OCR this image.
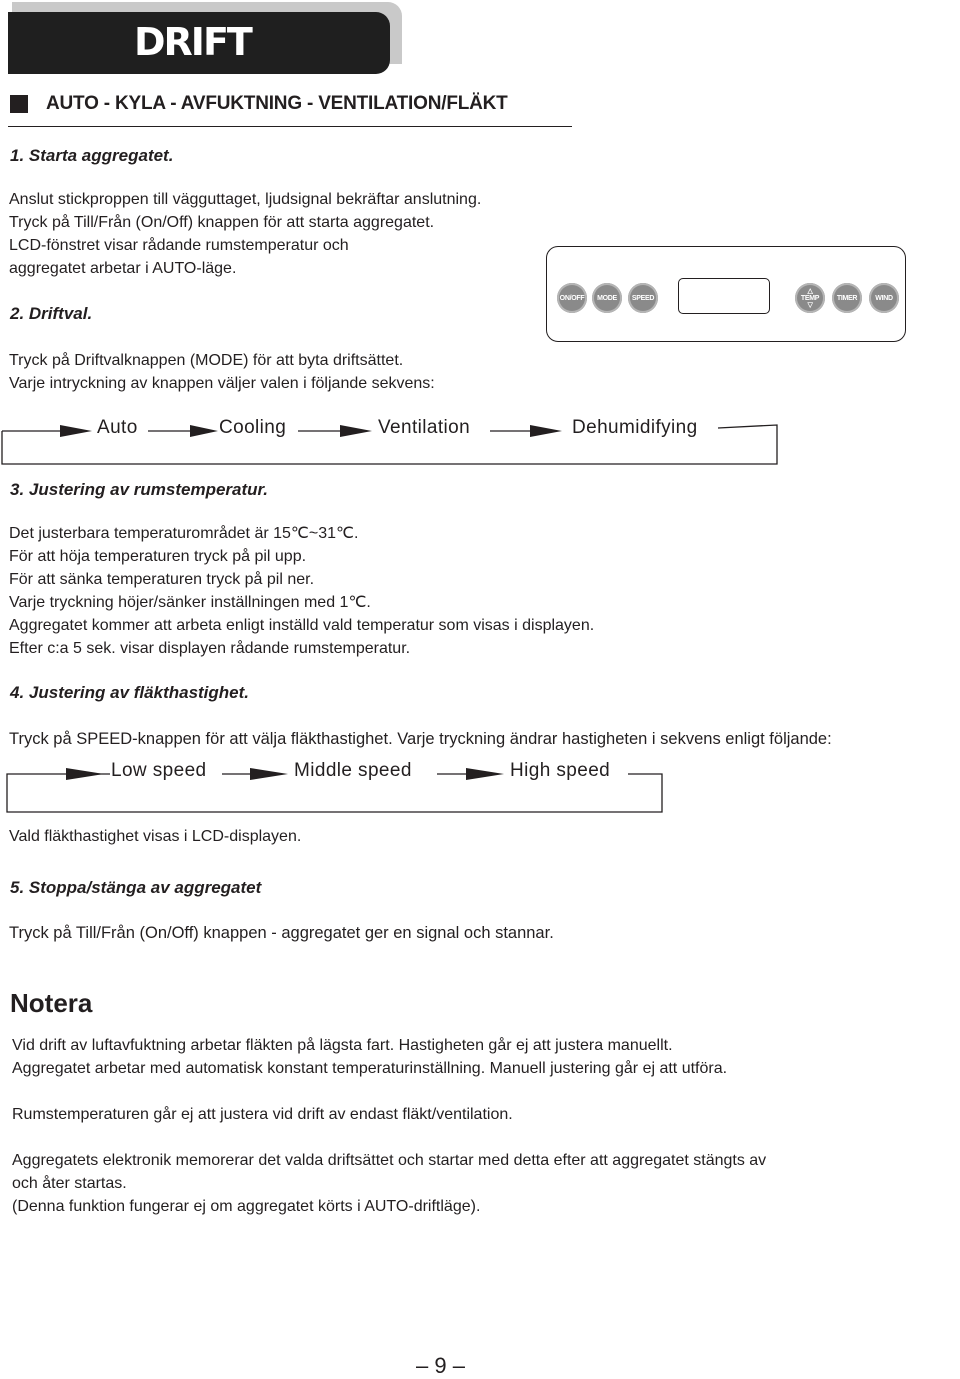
DRIFT
AUTO - KYLA - AVFUKTNING - VENTILATION/FLÄKT
1. Starta aggregatet.
Anslut stickproppen till vägguttaget, ljudsignal bekräftar anslutning.
Tryck på Till/Från (On/Off) knappen för att starta aggregatet.
LCD-fönstret visar rådande rumstemperatur och
aggregatet arbetar i AUTO-läge.
2. Driftval.
Tryck på Driftvalknappen (MODE) för att byta driftsättet.
Varje intryckning av knappen väljer valen i följande sekvens:
ON/OFF	MODE	SPEED
△
TEMP
▽
TIMER	WIND
Auto	Cooling	Ventilation	Dehumidifying
3. Justering av rumstemperatur.
Det justerbara temperaturområdet är 15℃~31℃.
För att höja temperaturen tryck på pil upp.
För att sänka temperaturen tryck på pil ner.
Varje tryckning höjer/sänker inställningen med 1℃.
Aggregatet kommer att arbeta enligt inställd vald temperatur som visas i displayen.
Efter c:a 5 sek. visar displayen rådande rumstemperatur.
4. Justering av fläkthastighet.
Tryck på SPEED-knappen för att välja fläkthastighet. Varje tryckning ändrar hastigheten i sekvens enligt följande:
Low speed	Middle speed	High speed
Vald fläkthastighet visas i LCD-displayen.
5. Stoppa/stänga av aggregatet
Tryck på Till/Från (On/Off) knappen - aggregatet ger en signal och stannar.
Notera
Vid drift av luftavfuktning arbetar fläkten på lägsta fart. Hastigheten går ej att justera manuellt.
Aggregatet arbetar med automatisk konstant temperaturinställning. Manuell justering går ej att utföra.
Rumstemperaturen går ej att justera vid drift av endast fläkt/ventilation.
Aggregatets elektronik memorerar det valda driftsättet och startar med detta efter att aggregatet stängts av
och åter startas.
(Denna funktion fungerar ej om aggregatet körts i AUTO-driftläge).
– 9 –
